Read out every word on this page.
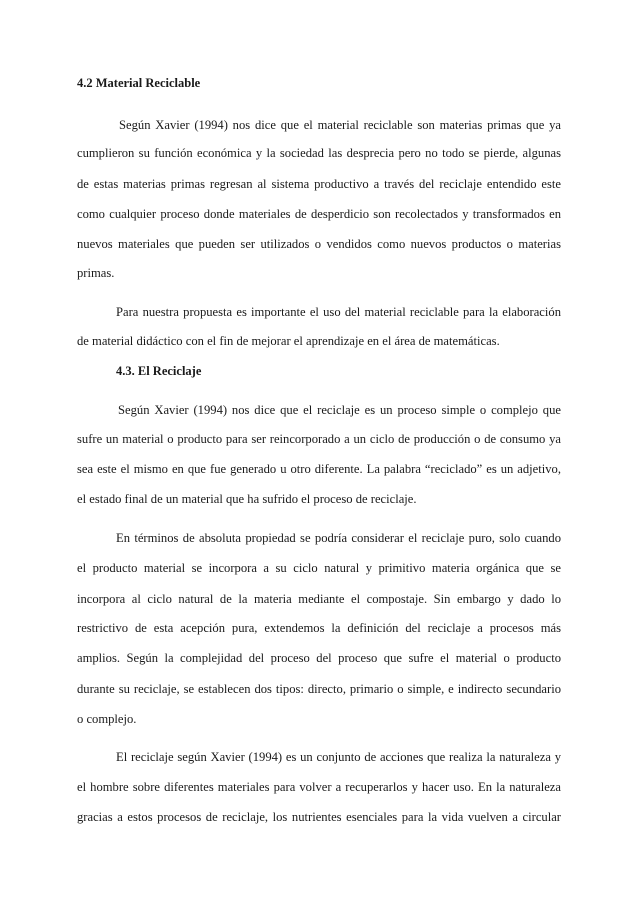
4.2 Material Reciclable
Según Xavier (1994) nos dice que el material reciclable son materias primas que ya
cumplieron su función económica y la sociedad las desprecia pero no todo se pierde, algunas
de estas materias primas regresan al sistema productivo a través del reciclaje entendido este
como cualquier proceso donde materiales de desperdicio son recolectados y transformados en
nuevos materiales que pueden ser utilizados o vendidos como nuevos productos o materias
primas.
Para nuestra propuesta es importante el uso del material reciclable para la elaboración
de material didáctico con el fin de mejorar el aprendizaje en el área de matemáticas.
4.3. El Reciclaje
Según Xavier (1994) nos dice que el reciclaje es un proceso simple o complejo que
sufre un material o producto para ser reincorporado a un ciclo de producción o de consumo ya
sea este el mismo en que fue generado u otro diferente. La palabra “reciclado” es un adjetivo,
el estado final de un material que ha sufrido el proceso de reciclaje.
En términos de absoluta propiedad se podría considerar el reciclaje puro, solo cuando
el producto material se incorpora a su ciclo natural y primitivo materia orgánica que se
incorpora al ciclo natural de la materia mediante el compostaje. Sin embargo y dado lo
restrictivo de esta acepción pura, extendemos la definición del reciclaje a procesos más
amplios. Según la complejidad del proceso del proceso que sufre el material o producto
durante su reciclaje, se establecen dos tipos: directo, primario o simple, e indirecto secundario
o complejo.
El reciclaje según Xavier (1994) es un conjunto de acciones que realiza la naturaleza y
el hombre sobre diferentes materiales para volver a recuperarlos y hacer uso. En la naturaleza
gracias a estos procesos de reciclaje, los nutrientes esenciales para la vida vuelven a circular
